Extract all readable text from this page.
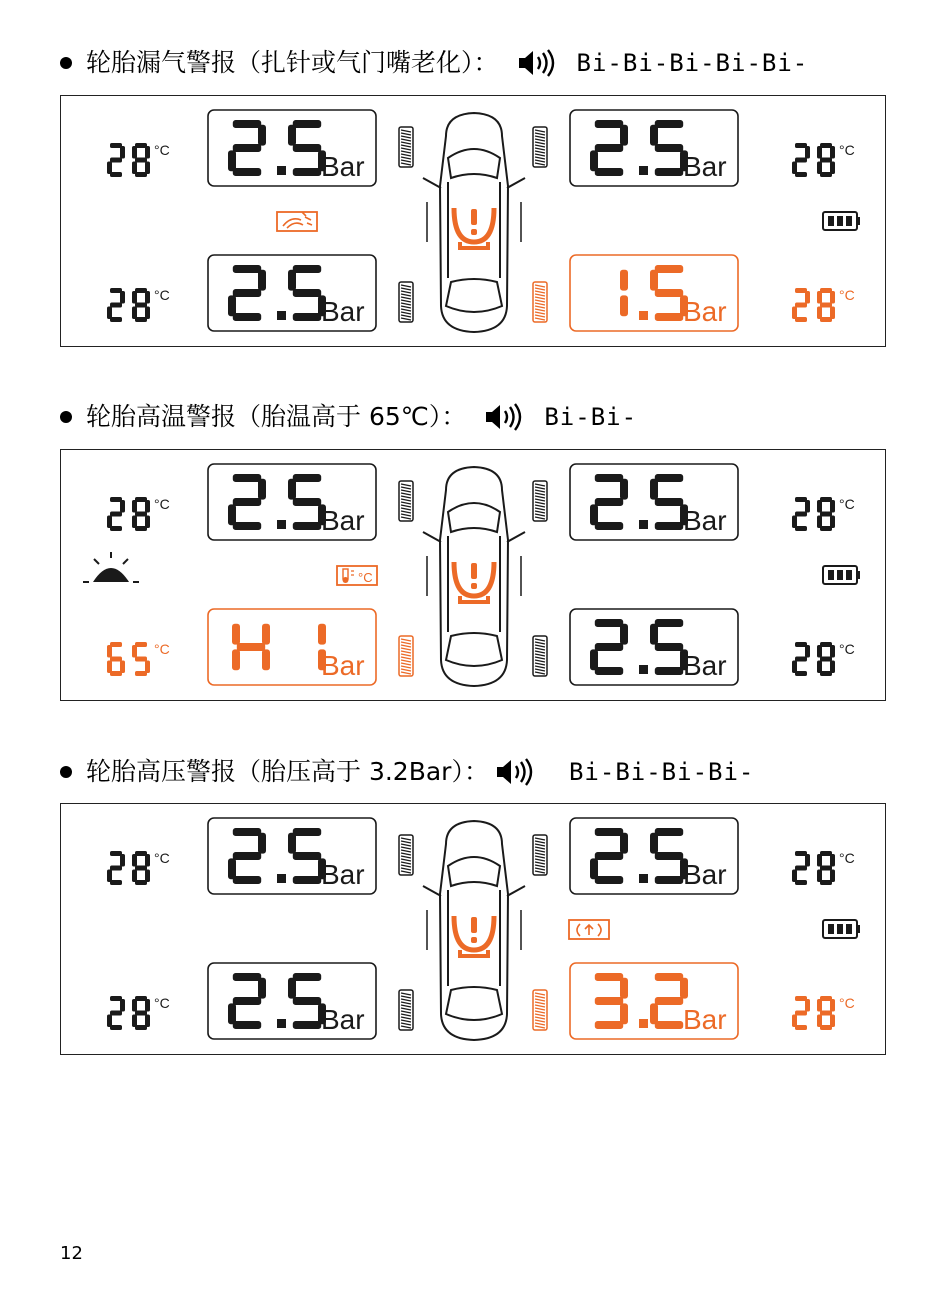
轮胎漏气警报（扎针或气门嘴老化）：	Bi-Bi-Bi-Bi-Bi-
Bar
2.5
Bar
2.5
Bar
2.5
Bar
1.5
°C
28	°C
28
°C
28	°C
28
轮胎高温警报（胎温高于 65℃）：	Bi-Bi-
Bar
2.5
Bar
2.5
Bar
HI
Bar
2.5
°C
28	°C
28
°C
65	°C
28
°C
轮胎高压警报（胎压高于 3.2Bar）：	Bi-Bi-Bi-Bi-
Bar
2.5
Bar
2.5
Bar
2.5
Bar
3.2
°C
28	°C
28
°C
28	°C
28
12
